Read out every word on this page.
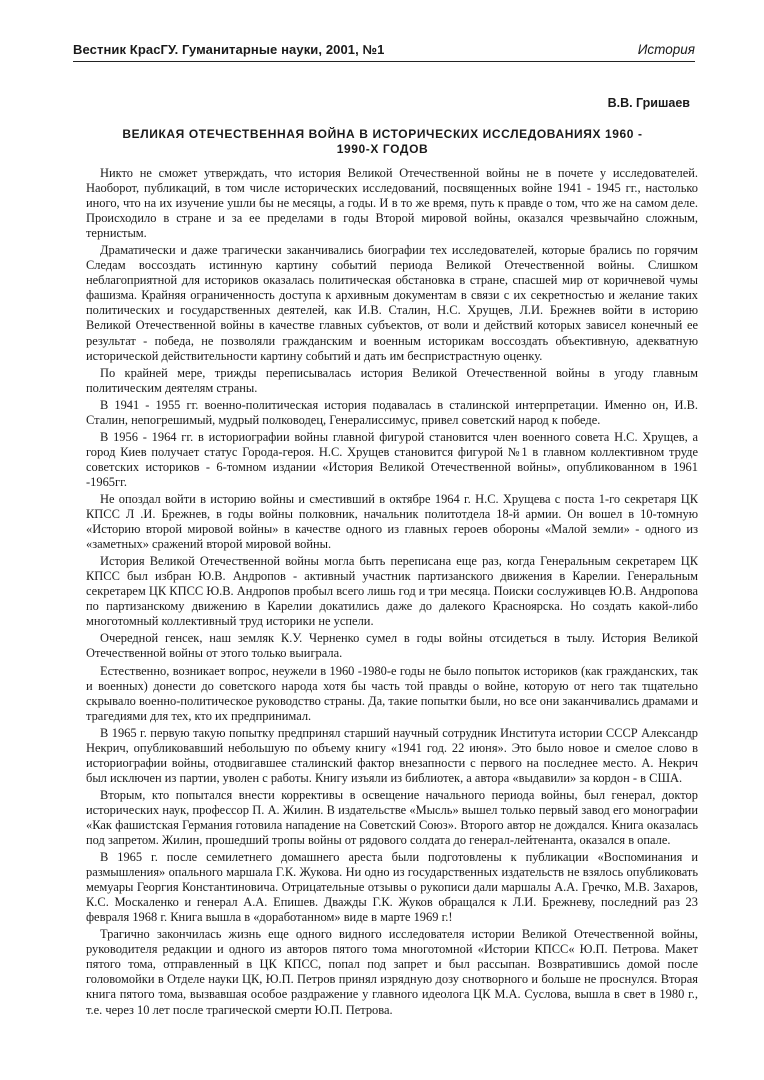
Вестник КрасГУ. Гуманитарные науки, 2001, №1	История
В.В. Гришаев
ВЕЛИКАЯ ОТЕЧЕСТВЕННАЯ ВОЙНА В ИСТОРИЧЕСКИХ ИССЛЕДОВАНИЯХ 1960 - 1990-Х ГОДОВ

Никто не сможет утверждать, что история Великой Отечественной войны не в почете у исследователей. Наоборот, публикаций, в том числе исторических исследований, посвященных войне 1941 - 1945 гг., настолько иного, что на их изучение ушли бы не месяцы, а годы. И в то же время, путь к правде о том, что же на самом деле. Происходило в стране и за ее пределами в годы Второй мировой войны, оказался чрезвычайно сложным, тернистым.

Драматически и даже трагически заканчивались биографии тех исследователей, которые брались по горячим Следам воссоздать истинную картину событий периода Великой Отечественной войны. Слишком неблагоприятной для историков оказалась политическая обстановка в стране, спасшей мир от коричневой чумы фашизма. Крайняя ограниченность доступа к архивным документам в связи с их секретностью и желание таких политических и государственных деятелей, как И.В. Сталин, Н.С. Хрущев, Л.И. Брежнев войти в историю Великой Отечественной войны в качестве главных субъектов, от воли и действий которых зависел конечный ее результат - победа, не позволяли гражданским и военным историкам воссоздать объективную, адекватную исторической действительности картину событий и дать им беспристрастную оценку.

По крайней мере, трижды переписывалась история Великой Отечественной войны в угоду главным политическим деятелям страны.

В 1941 - 1955 гг. военно-политическая история подавалась в сталинской интерпретации. Именно он, И.В. Сталин, непогрешимый, мудрый полководец, Генералиссимус, привел советский народ к победе.

В 1956 - 1964 гг. в историографии войны главной фигурой становится член военного совета Н.С. Хрущев, а город Киев получает статус Города-героя. Н.С. Хрущев становится фигурой №1 в главном коллективном труде советских историков - 6-томном издании «История Великой Отечественной войны», опубликованном в 1961 -1965гг.

Не опоздал войти в историю войны и сместивший в октябре 1964 г. Н.С. Хрущева с поста 1-го секретаря ЦК КПСС Л .И. Брежнев, в годы войны полковник, начальник политотдела 18-й армии. Он вошел в 10-томную «Историю второй мировой войны» в качестве одного из главных героев обороны «Малой земли» - одного из «заметных» сражений второй мировой войны.

История Великой Отечественной войны могла быть переписана еще раз, когда Генеральным секретарем ЦК КПСС был избран Ю.В. Андропов - активный участник партизанского движения в Карелии. Генеральным секретарем ЦК КПСС Ю.В. Андропов пробыл всего лишь год и три месяца. Поиски сослуживцев Ю.В. Андропова по партизанскому движению в Карелии докатились даже до далекого Красноярска. Но создать какой-либо многотомный коллективный труд историки не успели.

Очередной генсек, наш земляк К.У. Черненко сумел в годы войны отсидеться в тылу. История Великой Отечественной войны от этого только выиграла.

Естественно, возникает вопрос, неужели в 1960 -1980-е годы не было попыток историков (как гражданских, так и военных) донести до советского народа хотя бы часть той правды о войне, которую от него так тщательно скрывало военно-политическое руководство страны. Да, такие попытки были, но все они заканчивались драмами и трагедиями для тех, кто их предпринимал.

В 1965 г. первую такую попытку предпринял старший научный сотрудник Института истории СССР Александр Некрич, опубликовавший небольшую по объему книгу «1941 год. 22 июня». Это было новое и смелое слово в историографии войны, отодвигавшее сталинский фактор внезапности с первого на последнее место. А. Некрич был исключен из партии, уволен с работы. Книгу изъяли из библиотек, а автора «выдавили» за кордон - в США.

Вторым, кто попытался внести коррективы в освещение начального периода войны, был генерал, доктор исторических наук, профессор П. А. Жилин. В издательстве «Мысль» вышел только первый завод его монографии «Как фашистская Германия готовила нападение на Советский Союз». Второго автор не дождался. Книга оказалась под запретом. Жилин, прошедший тропы войны от рядового солдата до генерал-лейтенанта, оказался в опале.

В 1965 г. после семилетнего домашнего ареста были подготовлены к публикации «Воспоминания и размышления» опального маршала Г.К. Жукова. Ни одно из государственных издательств не взялось опубликовать мемуары Георгия Константиновича. Отрицательные отзывы о рукописи дали маршалы А.А. Гречко, М.В. Захаров, К.С. Москаленко и генерал А.А. Епишев. Дважды Г.К. Жуков обращался к Л.И. Брежневу, последний раз 23 февраля 1968 г. Книга вышла в «доработанном» виде в марте 1969 г.!

Трагично закончилась жизнь еще одного видного исследователя истории Великой Отечественной войны, руководителя редакции и одного из авторов пятого тома многотомной «Истории КПСС« Ю.П. Петрова. Макет пятого тома, отправленный в ЦК КПСС, попал под запрет и был рассыпан. Возвратившись домой после головомойки в Отделе науки ЦК, Ю.П. Петров принял изрядную дозу снотворного и больше не проснулся. Вторая книга пятого тома, вызвавшая особое раздражение у главного идеолога ЦК М.А. Суслова, вышла в свет в 1980 г., т.е. через 10 лет после трагической смерти Ю.П. Петрова.
